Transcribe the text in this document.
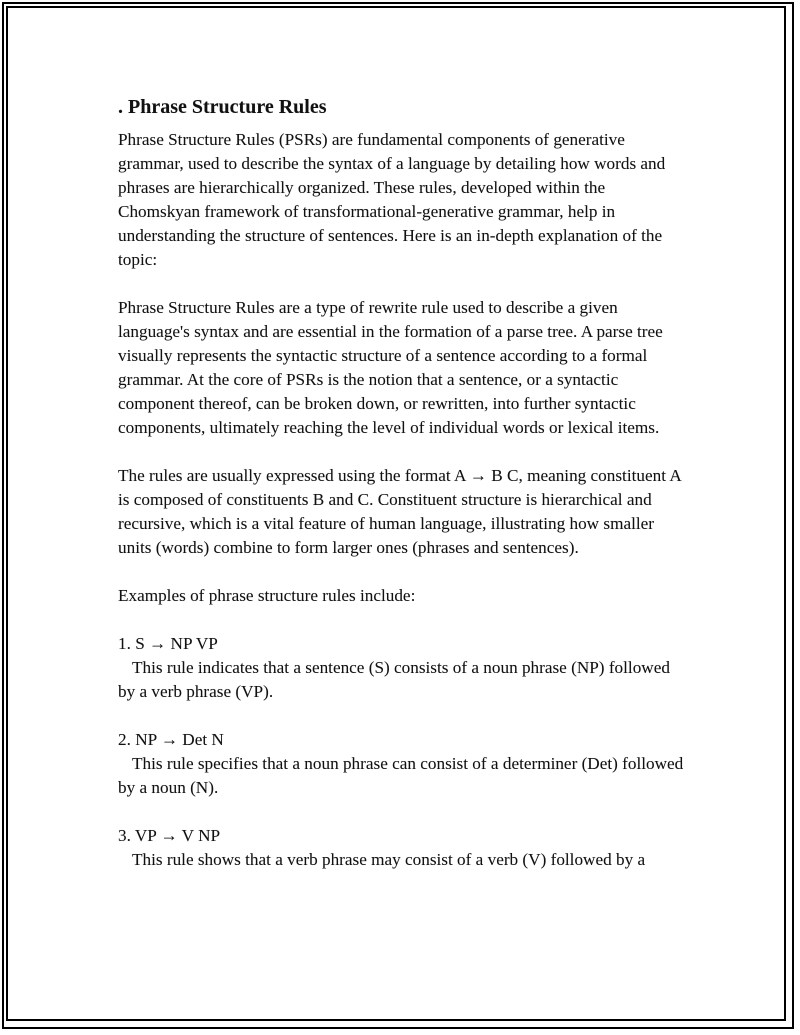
. Phrase Structure Rules
Phrase Structure Rules (PSRs) are fundamental components of generative grammar, used to describe the syntax of a language by detailing how words and phrases are hierarchically organized. These rules, developed within the Chomskyan framework of transformational-generative grammar, help in understanding the structure of sentences. Here is an in-depth explanation of the topic:
Phrase Structure Rules are a type of rewrite rule used to describe a given language's syntax and are essential in the formation of a parse tree. A parse tree visually represents the syntactic structure of a sentence according to a formal grammar. At the core of PSRs is the notion that a sentence, or a syntactic component thereof, can be broken down, or rewritten, into further syntactic components, ultimately reaching the level of individual words or lexical items.
The rules are usually expressed using the format A → B C, meaning constituent A is composed of constituents B and C. Constituent structure is hierarchical and recursive, which is a vital feature of human language, illustrating how smaller units (words) combine to form larger ones (phrases and sentences).
Examples of phrase structure rules include:
1. S → NP VP
This rule indicates that a sentence (S) consists of a noun phrase (NP) followed by a verb phrase (VP).
2. NP → Det N
This rule specifies that a noun phrase can consist of a determiner (Det) followed by a noun (N).
3. VP → V NP
This rule shows that a verb phrase may consist of a verb (V) followed by a
